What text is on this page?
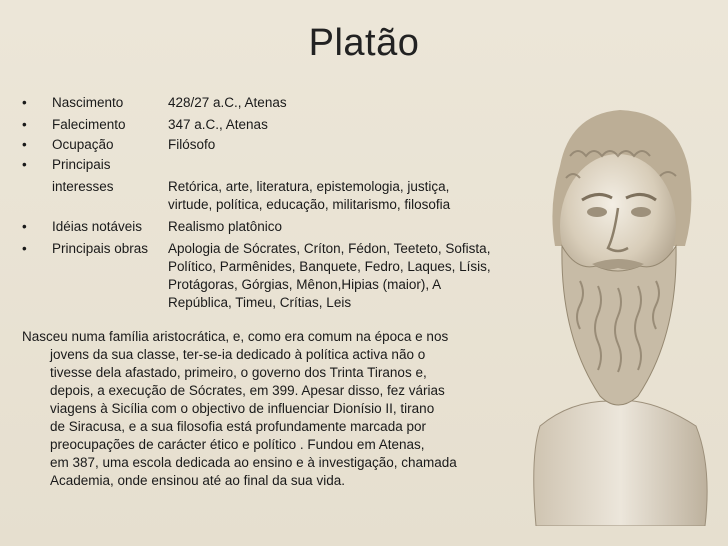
Platão
•	Nascimento	428/27 a.C., Atenas
•	Falecimento	347 a.C., Atenas
•	Ocupação	Filósofo
•	Principais
interesses	Retórica, arte, literatura, epistemologia, justiça, virtude, política, educação, militarismo, filosofia
•	Idéias notáveis	Realismo platônico
•	Principais obras	Apologia de Sócrates, Críton, Fédon, Teeteto, Sofista, Político, Parmênides, Banquete, Fedro, Laques, Lísis, Protágoras, Górgias, Mênon,Hipias (maior), A República, Timeu, Crítias, Leis
Nasceu numa família aristocrática, e, como era comum na época e nos
jovens da sua classe, ter-se-ia dedicado à política activa não o
tivesse dela afastado, primeiro, o governo dos Trinta Tiranos e,
depois, a execução de Sócrates, em 399. Apesar disso, fez várias
viagens à Sicília com o objectivo de influenciar Dionísio II, tirano
de Siracusa, e a sua filosofia está profundamente marcada por
preocupações de carácter ético e político . Fundou em Atenas,
em 387, uma escola dedicada ao ensino e à investigação, chamada
Academia, onde ensinou até ao final da sua vida.
